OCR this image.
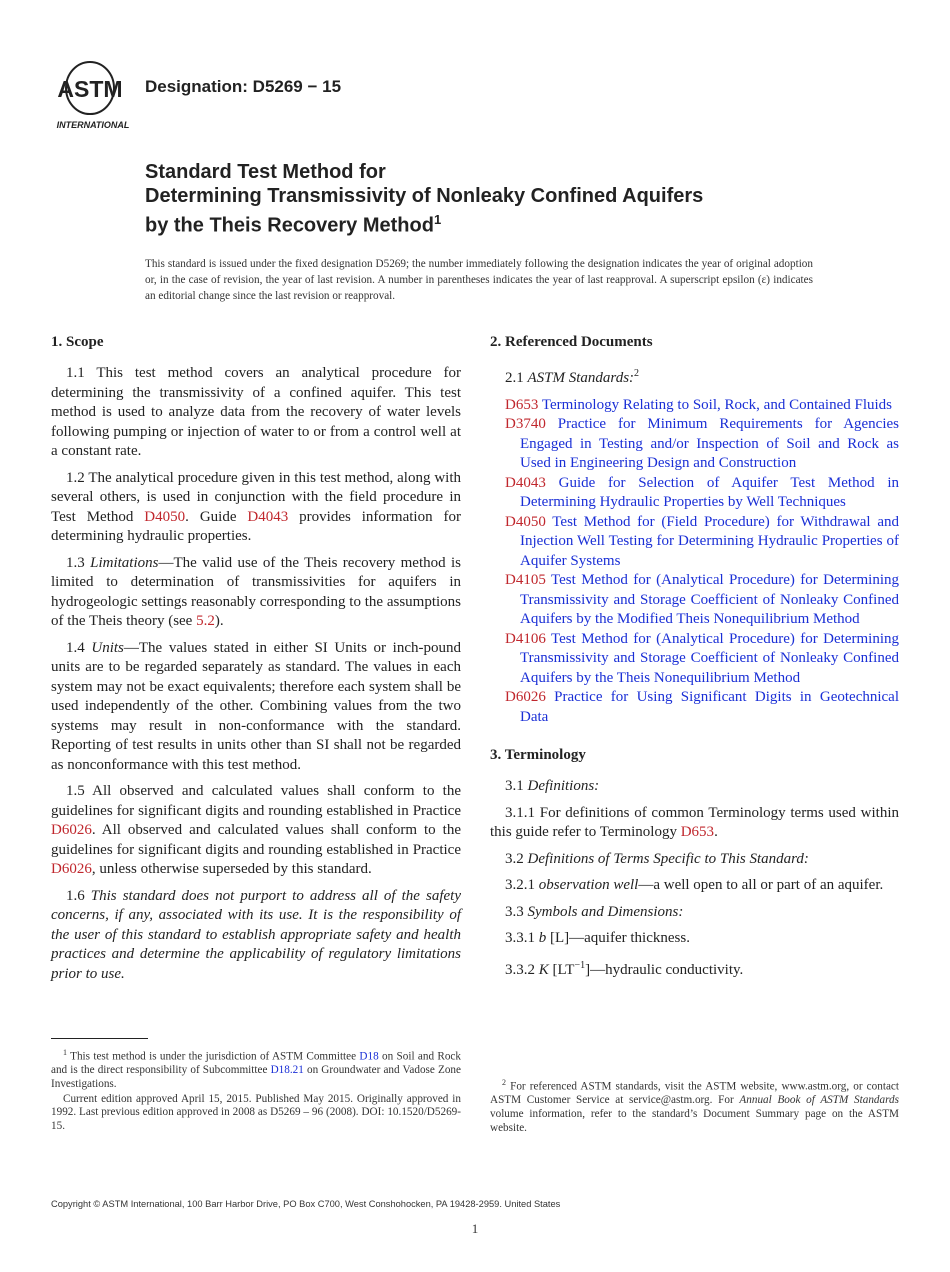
ASTM
INTERNATIONAL
Designation: D5269 − 15
Standard Test Method for
Determining Transmissivity of Nonleaky Confined Aquifers
by the Theis Recovery Method$^1$
This standard is issued under the fixed designation D5269; the number immediately following the designation indicates the year of original adoption or, in the case of revision, the year of last revision. A number in parentheses indicates the year of last reapproval. A superscript epsilon (ε) indicates an editorial change since the last revision or reapproval.
1. Scope

1.1 This test method covers an analytical procedure for determining the transmissivity of a confined aquifer. This test method is used to analyze data from the recovery of water levels following pumping or injection of water to or from a control well at a constant rate.

1.2 The analytical procedure given in this test method, along with several others, is used in conjunction with the field procedure in Test Method D4050. Guide D4043 provides information for determining hydraulic properties.

1.3 Limitations—The valid use of the Theis recovery method is limited to determination of transmissivities for aquifers in hydrogeologic settings reasonably corresponding to the assumptions of the Theis theory (see 5.2).

1.4 Units—The values stated in either SI Units or inch-pound units are to be regarded separately as standard. The values in each system may not be exact equivalents; therefore each system shall be used independently of the other. Combining values from the two systems may result in non-conformance with the standard. Reporting of test results in units other than SI shall not be regarded as nonconformance with this test method.

1.5 All observed and calculated values shall conform to the guidelines for significant digits and rounding established in Practice D6026. All observed and calculated values shall conform to the guidelines for significant digits and rounding established in Practice D6026, unless otherwise superseded by this standard.

1.6 This standard does not purport to address all of the safety concerns, if any, associated with its use. It is the responsibility of the user of this standard to establish appropriate safety and health practices and determine the applicability of regulatory limitations prior to use.

2. Referenced Documents

2.1 ASTM Standards:$^2$

D653 Terminology Relating to Soil, Rock, and Contained Fluids

D3740 Practice for Minimum Requirements for Agencies Engaged in Testing and/or Inspection of Soil and Rock as Used in Engineering Design and Construction

D4043 Guide for Selection of Aquifer Test Method in Determining Hydraulic Properties by Well Techniques

D4050 Test Method for (Field Procedure) for Withdrawal and Injection Well Testing for Determining Hydraulic Properties of Aquifer Systems

D4105 Test Method for (Analytical Procedure) for Determining Transmissivity and Storage Coefficient of Nonleaky Confined Aquifers by the Modified Theis Nonequilibrium Method

D4106 Test Method for (Analytical Procedure) for Determining Transmissivity and Storage Coefficient of Nonleaky Confined Aquifers by the Theis Nonequilibrium Method

D6026 Practice for Using Significant Digits in Geotechnical Data

3. Terminology

3.1 Definitions:

3.1.1 For definitions of common Terminology terms used within this guide refer to Terminology D653.

3.2 Definitions of Terms Specific to This Standard:

3.2.1 observation well—a well open to all or part of an aquifer.

3.3 Symbols and Dimensions:

3.3.1 b [L]—aquifer thickness.

3.3.2 K $[LT^{-1}]—hydraulic$ conductivity.

$^1$ This test method is under the jurisdiction of ASTM Committee D18 on Soil and Rock and is the direct responsibility of Subcommittee D18.21 on Groundwater and Vadose Zone Investigations.

Current edition approved April 15, 2015. Published May 2015. Originally approved in 1992. Last previous edition approved in 2008 as D5269 – 96 (2008). DOI: 10.1520/D5269-15.

$^2$ For referenced ASTM standards, visit the ASTM website, www.astm.org, or contact ASTM Customer Service at service@astm.org. For Annual Book of ASTM Standards volume information, refer to the standard’s Document Summary page on the ASTM website.

Copyright © ASTM International, 100 Barr Harbor Drive, PO Box C700, West Conshohocken, PA 19428-2959. United States
1
